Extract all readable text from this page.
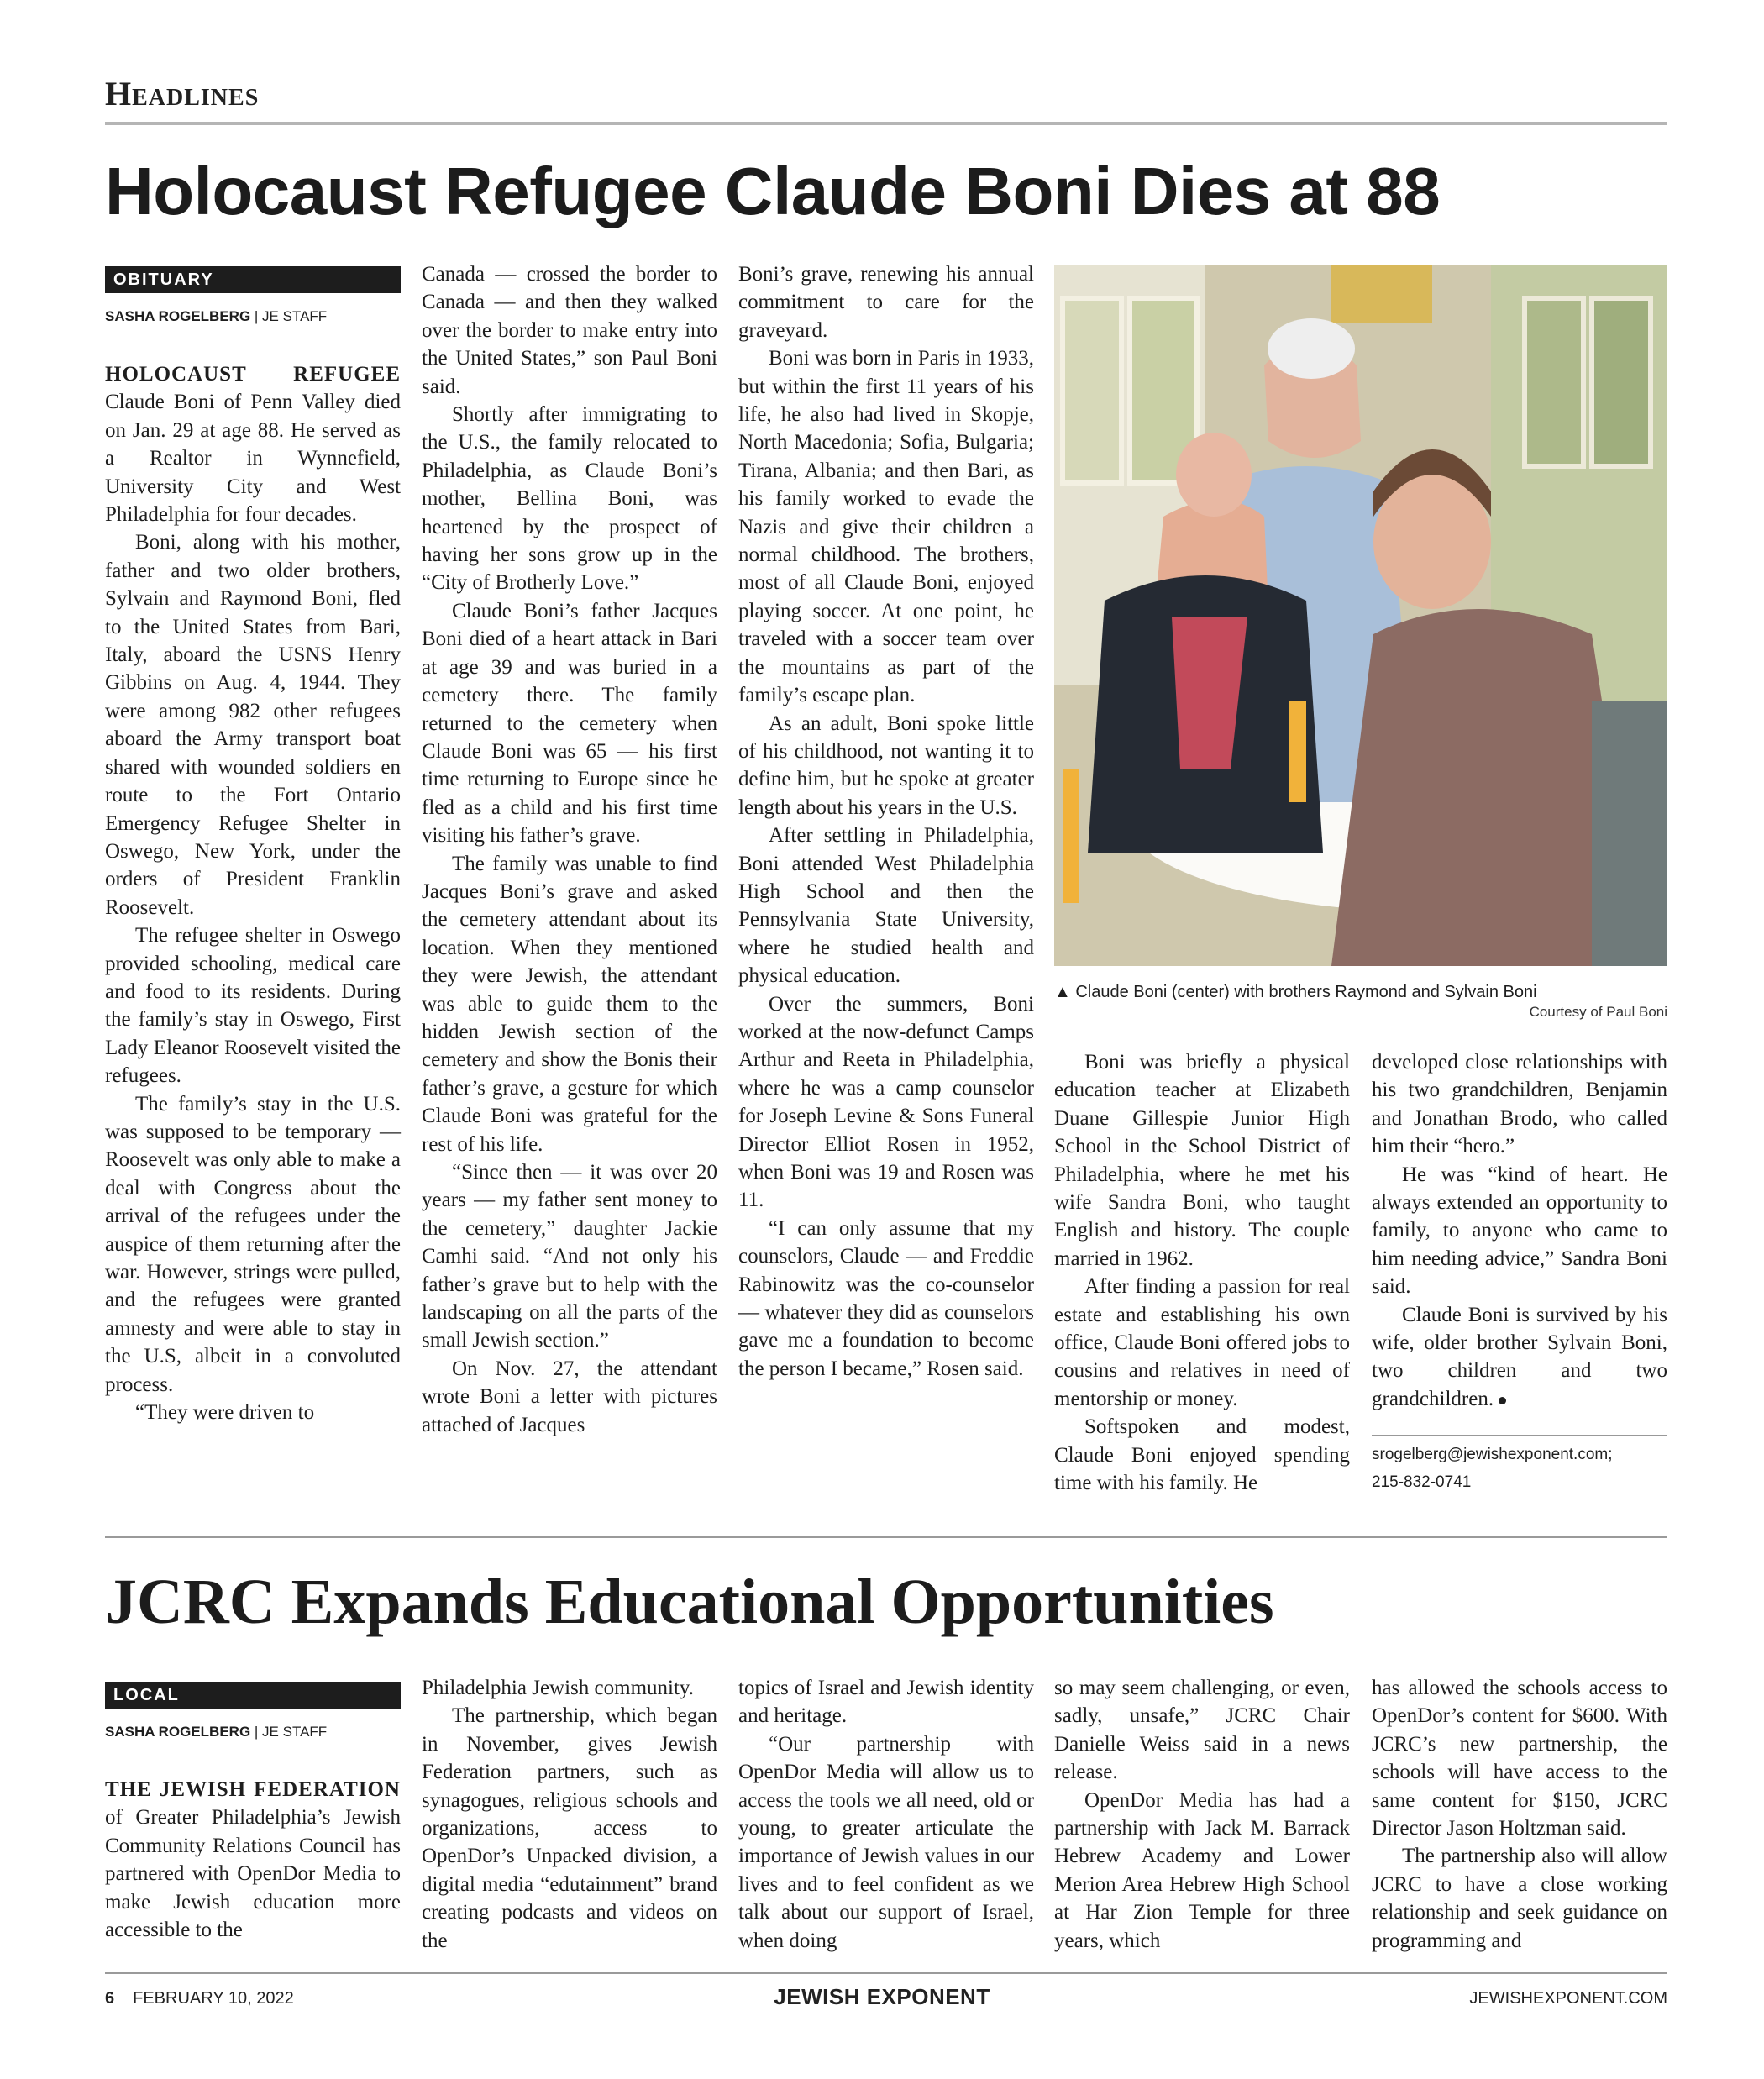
Headlines
Holocaust Refugee Claude Boni Dies at 88
OBITUARY
SASHA ROGELBERG | JE STAFF

HOLOCAUST REFUGEE Claude Boni of Penn Valley died on Jan. 29 at age 88. He served as a Realtor in Wynnefield, University City and West Philadelphia for four decades.

Boni, along with his mother, father and two older brothers, Sylvain and Raymond Boni, fled to the United States from Bari, Italy, aboard the USNS Henry Gibbins on Aug. 4, 1944. They were among 982 other refugees aboard the Army transport boat shared with wounded soldiers en route to the Fort Ontario Emergency Refugee Shelter in Oswego, New York, under the orders of President Franklin Roosevelt.

The refugee shelter in Oswego provided schooling, medical care and food to its residents. During the family’s stay in Oswego, First Lady Eleanor Roosevelt visited the refugees.

The family’s stay in the U.S. was supposed to be temporary — Roosevelt was only able to make a deal with Congress about the arrival of the refugees under the auspice of them returning after the war. However, strings were pulled, and the refugees were granted amnesty and were able to stay in the U.S, albeit in a convoluted process.

“They were driven to

Canada — crossed the border to Canada — and then they walked over the border to make entry into the United States,” son Paul Boni said.

Shortly after immigrating to the U.S., the family relocated to Philadelphia, as Claude Boni’s mother, Bellina Boni, was heartened by the prospect of having her sons grow up in the “City of Brotherly Love.”

Claude Boni’s father Jacques Boni died of a heart attack in Bari at age 39 and was buried in a cemetery there. The family returned to the cemetery when Claude Boni was 65 — his first time returning to Europe since he fled as a child and his first time visiting his father’s grave.

The family was unable to find Jacques Boni’s grave and asked the cemetery attendant about its location. When they mentioned they were Jewish, the attendant was able to guide them to the hidden Jewish section of the cemetery and show the Bonis their father’s grave, a gesture for which Claude Boni was grateful for the rest of his life.

“Since then — it was over 20 years — my father sent money to the cemetery,” daughter Jackie Camhi said. “And not only his father’s grave but to help with the landscaping on all the parts of the small Jewish section.”

On Nov. 27, the attendant wrote Boni a letter with pictures attached of Jacques

Boni’s grave, renewing his annual commitment to care for the graveyard.

Boni was born in Paris in 1933, but within the first 11 years of his life, he also had lived in Skopje, North Macedonia; Sofia, Bulgaria; Tirana, Albania; and then Bari, as his family worked to evade the Nazis and give their children a normal childhood. The brothers, most of all Claude Boni, enjoyed playing soccer. At one point, he traveled with a soccer team over the mountains as part of the family’s escape plan.

As an adult, Boni spoke little of his childhood, not wanting it to define him, but he spoke at greater length about his years in the U.S.

After settling in Philadelphia, Boni attended West Philadelphia High School and then the Pennsylvania State University, where he studied health and physical education.

Over the summers, Boni worked at the now-defunct Camps Arthur and Reeta in Philadelphia, where he was a camp counselor for Joseph Levine & Sons Funeral Director Elliot Rosen in 1952, when Boni was 19 and Rosen was 11.

“I can only assume that my counselors, Claude — and Freddie Rabinowitz was the co-counselor — whatever they did as counselors gave me a foundation to become the person I became,” Rosen said.

▲ Claude Boni (center) with brothers Raymond and Sylvain Boni
Courtesy of Paul Boni

Boni was briefly a physical education teacher at Elizabeth Duane Gillespie Junior High School in the School District of Philadelphia, where he met his wife Sandra Boni, who taught English and history. The couple married in 1962.

After finding a passion for real estate and establishing his own office, Claude Boni offered jobs to cousins and relatives in need of mentorship or money.

Softspoken and modest, Claude Boni enjoyed spending time with his family. He

developed close relationships with his two grandchildren, Benjamin and Jonathan Brodo, who called him their “hero.”

He was “kind of heart. He always extended an opportunity to family, to anyone who came to him needing advice,” Sandra Boni said.

Claude Boni is survived by his wife, older brother Sylvain Boni, two children and two grandchildren.

srogelberg@jewishexponent.com;
215-832-0741
JCRC Expands Educational Opportunities
LOCAL
SASHA ROGELBERG | JE STAFF

THE JEWISH FEDERATION of Greater Philadelphia’s Jewish Community Relations Council has partnered with OpenDor Media to make Jewish education more accessible to the

Philadelphia Jewish community.

The partnership, which began in November, gives Jewish Federation partners, such as synagogues, religious schools and organizations, access to OpenDor’s Unpacked division, a digital media “edutainment” brand creating podcasts and videos on the

topics of Israel and Jewish identity and heritage.

“Our partnership with OpenDor Media will allow us to access the tools we all need, old or young, to greater articulate the importance of Jewish values in our lives and to feel confident as we talk about our support of Israel, when doing

so may seem challenging, or even, sadly, unsafe,” JCRC Chair Danielle Weiss said in a news release.

OpenDor Media has had a partnership with Jack M. Barrack Hebrew Academy and Lower Merion Area Hebrew High School at Har Zion Temple for three years, which

has allowed the schools access to OpenDor’s content for $600. With JCRC’s new partnership, the schools will have access to the same content for $150, JCRC Director Jason Holtzman said.

The partnership also will allow JCRC to have a close working relationship and seek guidance on programming and

6 FEBRUARY 10, 2022	JEWISH EXPONENT	JEWISHEXPONENT.COM
